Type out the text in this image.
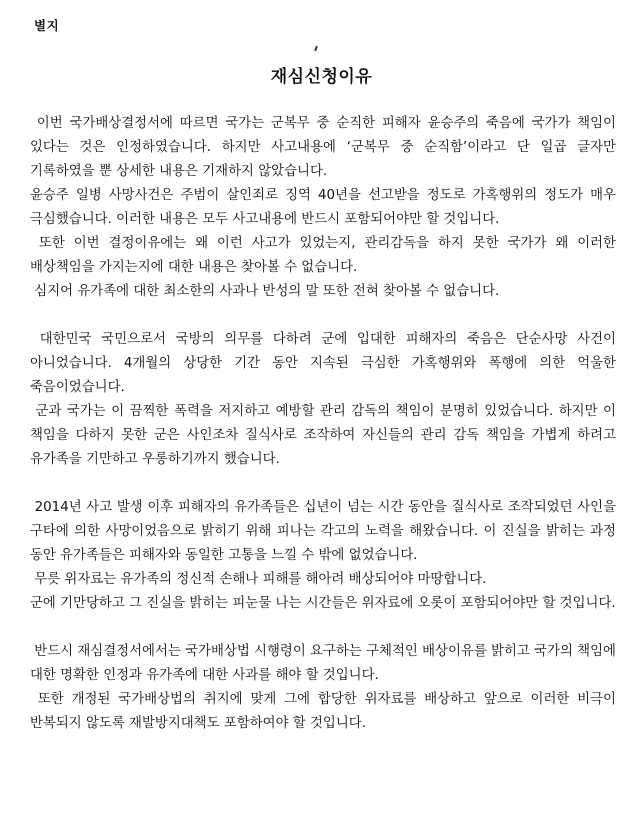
별지
재심신청이유

이번 국가배상결정서에 따르면 국가는 군복무 중 순직한 피해자 윤승주의 죽음에 국가가 책임이 있다는 것은 인정하였습니다. 하지만 사고내용에 ‘군복무 중 순직함’이라고 단 일곱 글자만 기록하였을 뿐 상세한 내용은 기재하지 않았습니다.

윤승주 일병 사망사건은 주범이 살인죄로 징역 40년을 선고받을 정도로 가혹행위의 정도가 매우 극심했습니다. 이러한 내용은 모두 사고내용에 반드시 포함되어야만 할 것입니다.

또한 이번 결정이유에는 왜 이런 사고가 있었는지, 관리감독을 하지 못한 국가가 왜 이러한 배상책임을 가지는지에 대한 내용은 찾아볼 수 없습니다.

심지어 유가족에 대한 최소한의 사과나 반성의 말 또한 전혀 찾아볼 수 없습니다.

대한민국 국민으로서 국방의 의무를 다하려 군에 입대한 피해자의 죽음은 단순사망 사건이 아니었습니다. 4개월의 상당한 기간 동안 지속된 극심한 가혹행위와 폭행에 의한 억울한 죽음이었습니다.

군과 국가는 이 끔찍한 폭력을 저지하고 예방할 관리 감독의 책임이 분명히 있었습니다. 하지만 이 책임을 다하지 못한 군은 사인조차 질식사로 조작하여 자신들의 관리 감독 책임을 가볍게 하려고 유가족을 기만하고 우롱하기까지 했습니다.

2014년 사고 발생 이후 피해자의 유가족들은 십년이 넘는 시간 동안을 질식사로 조작되었던 사인을 구타에 의한 사망이었음으로 밝히기 위해 피나는 각고의 노력을 해왔습니다. 이 진실을 밝히는 과정 동안 유가족들은 피해자와 동일한 고통을 느낄 수 밖에 없었습니다.

무릇 위자료는 유가족의 정신적 손해나 피해를 해아려 배상되어야 마땅합니다.

군에 기만당하고 그 진실을 밝히는 피눈물 나는 시간들은 위자료에 오롯이 포함되어야만 할 것입니다.

반드시 재심결정서에서는 국가배상법 시행령이 요구하는 구체적인 배상이유를 밝히고 국가의 책임에 대한 명확한 인정과 유가족에 대한 사과를 해야 할 것입니다.

또한 개정된 국가배상법의 취지에 맞게 그에 합당한 위자료를 배상하고 앞으로 이러한 비극이 반복되지 않도록 재발방지대책도 포함하여야 할 것입니다.
